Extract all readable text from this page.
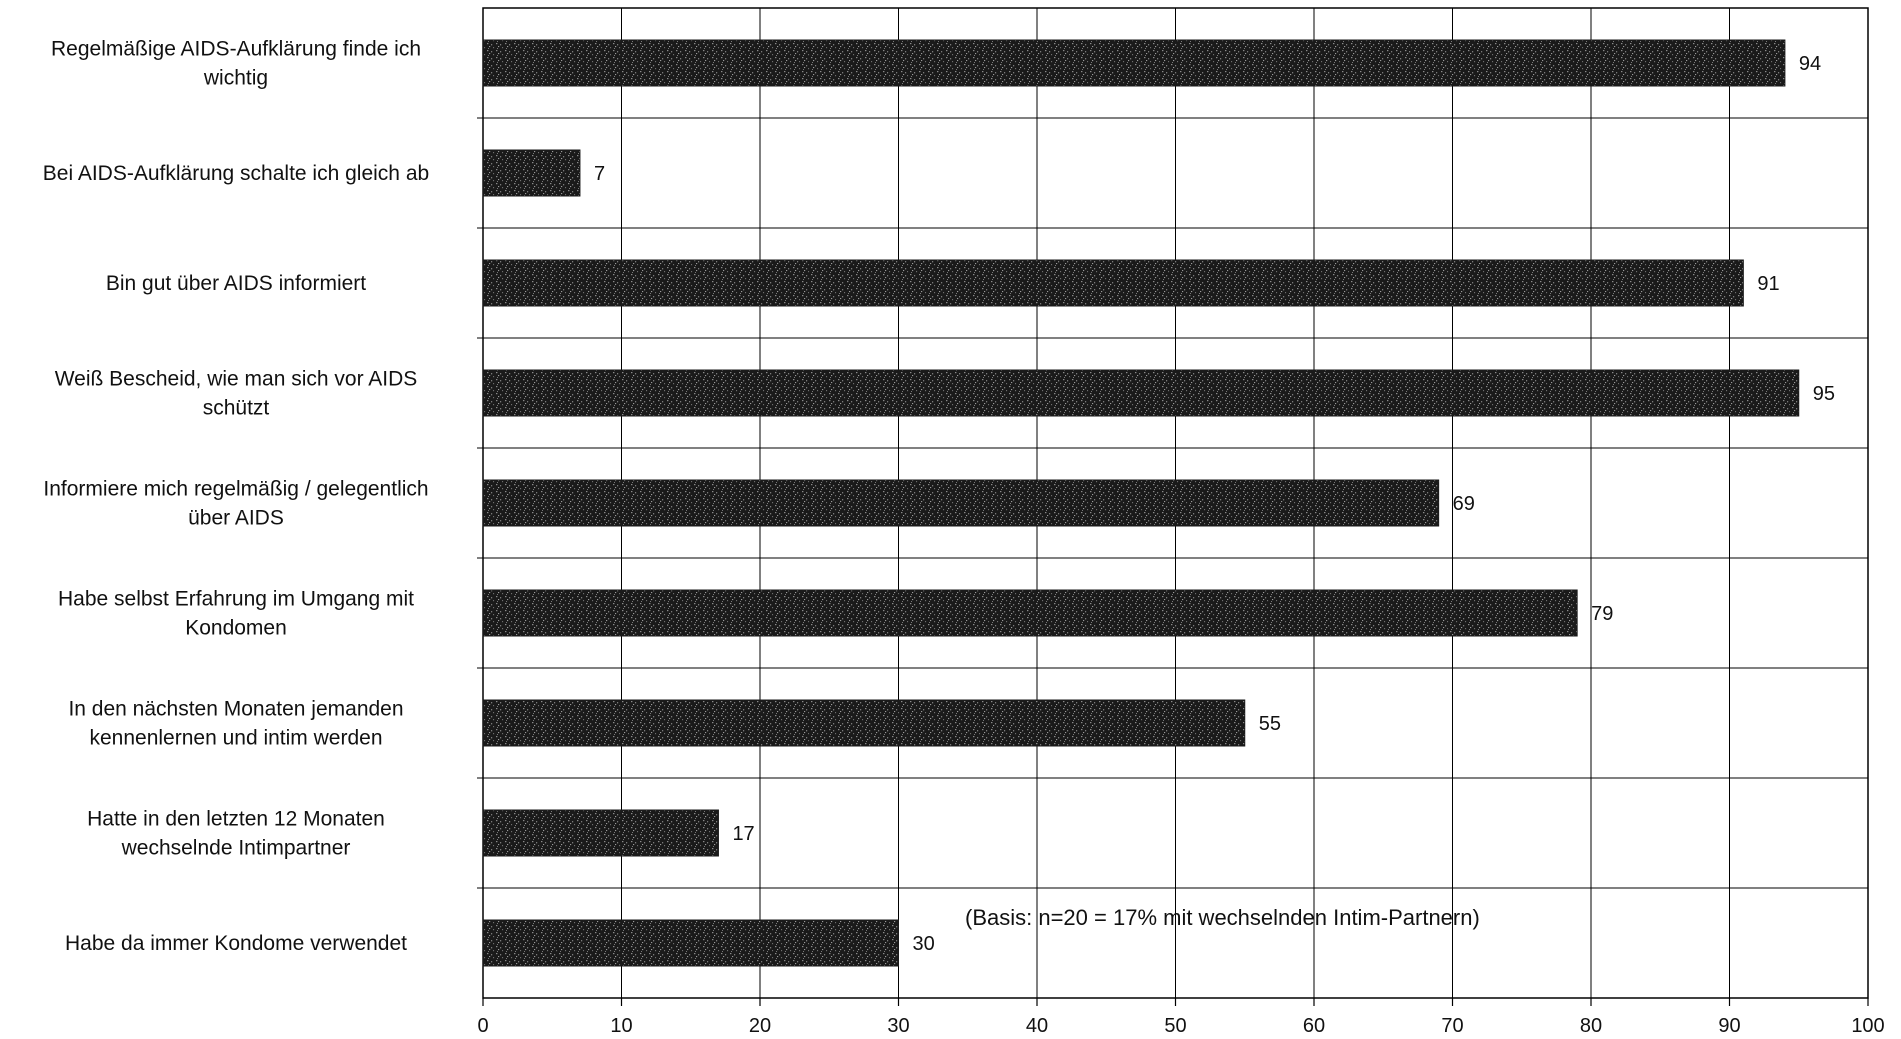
94
Regelmäßige AIDS-Aufklärung finde ich wichtig
7
Bei AIDS-Aufklärung schalte ich gleich ab
91
Bin gut über AIDS informiert
95
Weiß Bescheid, wie man sich vor AIDS schützt
69
Informiere mich regelmäßig / gelegentlich über AIDS
79
Habe selbst Erfahrung im Umgang mit Kondomen
55
In den nächsten Monaten jemanden kennenlernen und intim werden
17
Hatte in den letzten 12 Monaten wechselnde Intimpartner
30
Habe da immer Kondome verwendet
0	10	20	30	40	50	60	70	80	90	100
(Basis: n=20 = 17% mit wechselnden Intim-Partnern)
